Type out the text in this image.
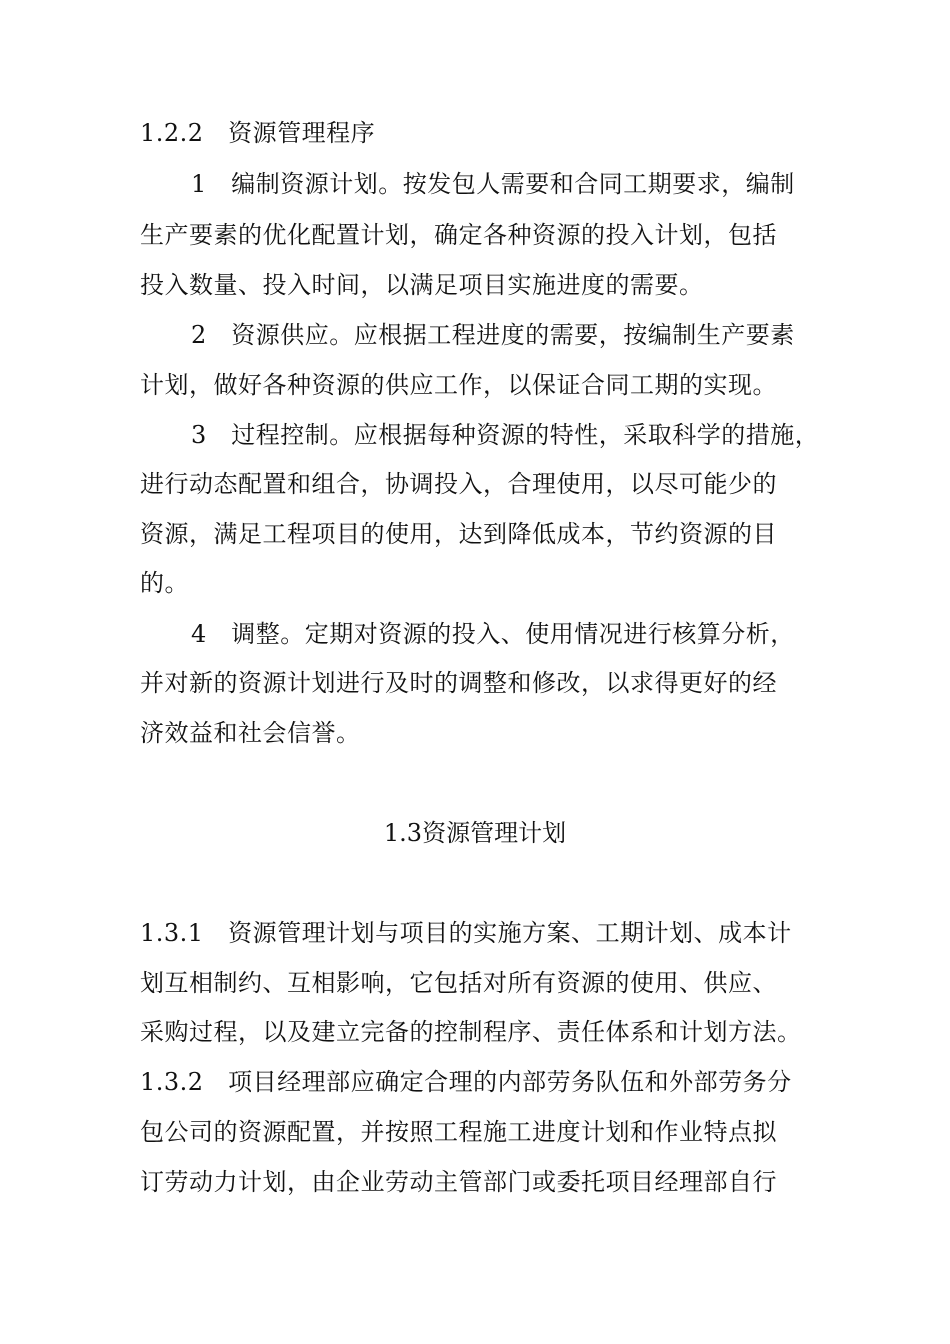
1.2.2　资源管理程序
1　编制资源计划。按发包人需要和合同工期要求，编制
生产要素的优化配置计划，确定各种资源的投入计划，包括
投入数量、投入时间，以满足项目实施进度的需要。
2　资源供应。应根据工程进度的需要，按编制生产要素
计划，做好各种资源的供应工作，以保证合同工期的实现。
3　过程控制。应根据每种资源的特性，采取科学的措施，
进行动态配置和组合，协调投入，合理使用，以尽可能少的
资源，满足工程项目的使用，达到降低成本，节约资源的目
的。
4　调整。定期对资源的投入、使用情况进行核算分析，
并对新的资源计划进行及时的调整和修改，以求得更好的经
济效益和社会信誉。
1.3资源管理计划
1.3.1　资源管理计划与项目的实施方案、工期计划、成本计
划互相制约、互相影响，它包括对所有资源的使用、供应、
采购过程，以及建立完备的控制程序、责任体系和计划方法。
1.3.2　项目经理部应确定合理的内部劳务队伍和外部劳务分
包公司的资源配置，并按照工程施工进度计划和作业特点拟
订劳动力计划，由企业劳动主管部门或委托项目经理部自行
